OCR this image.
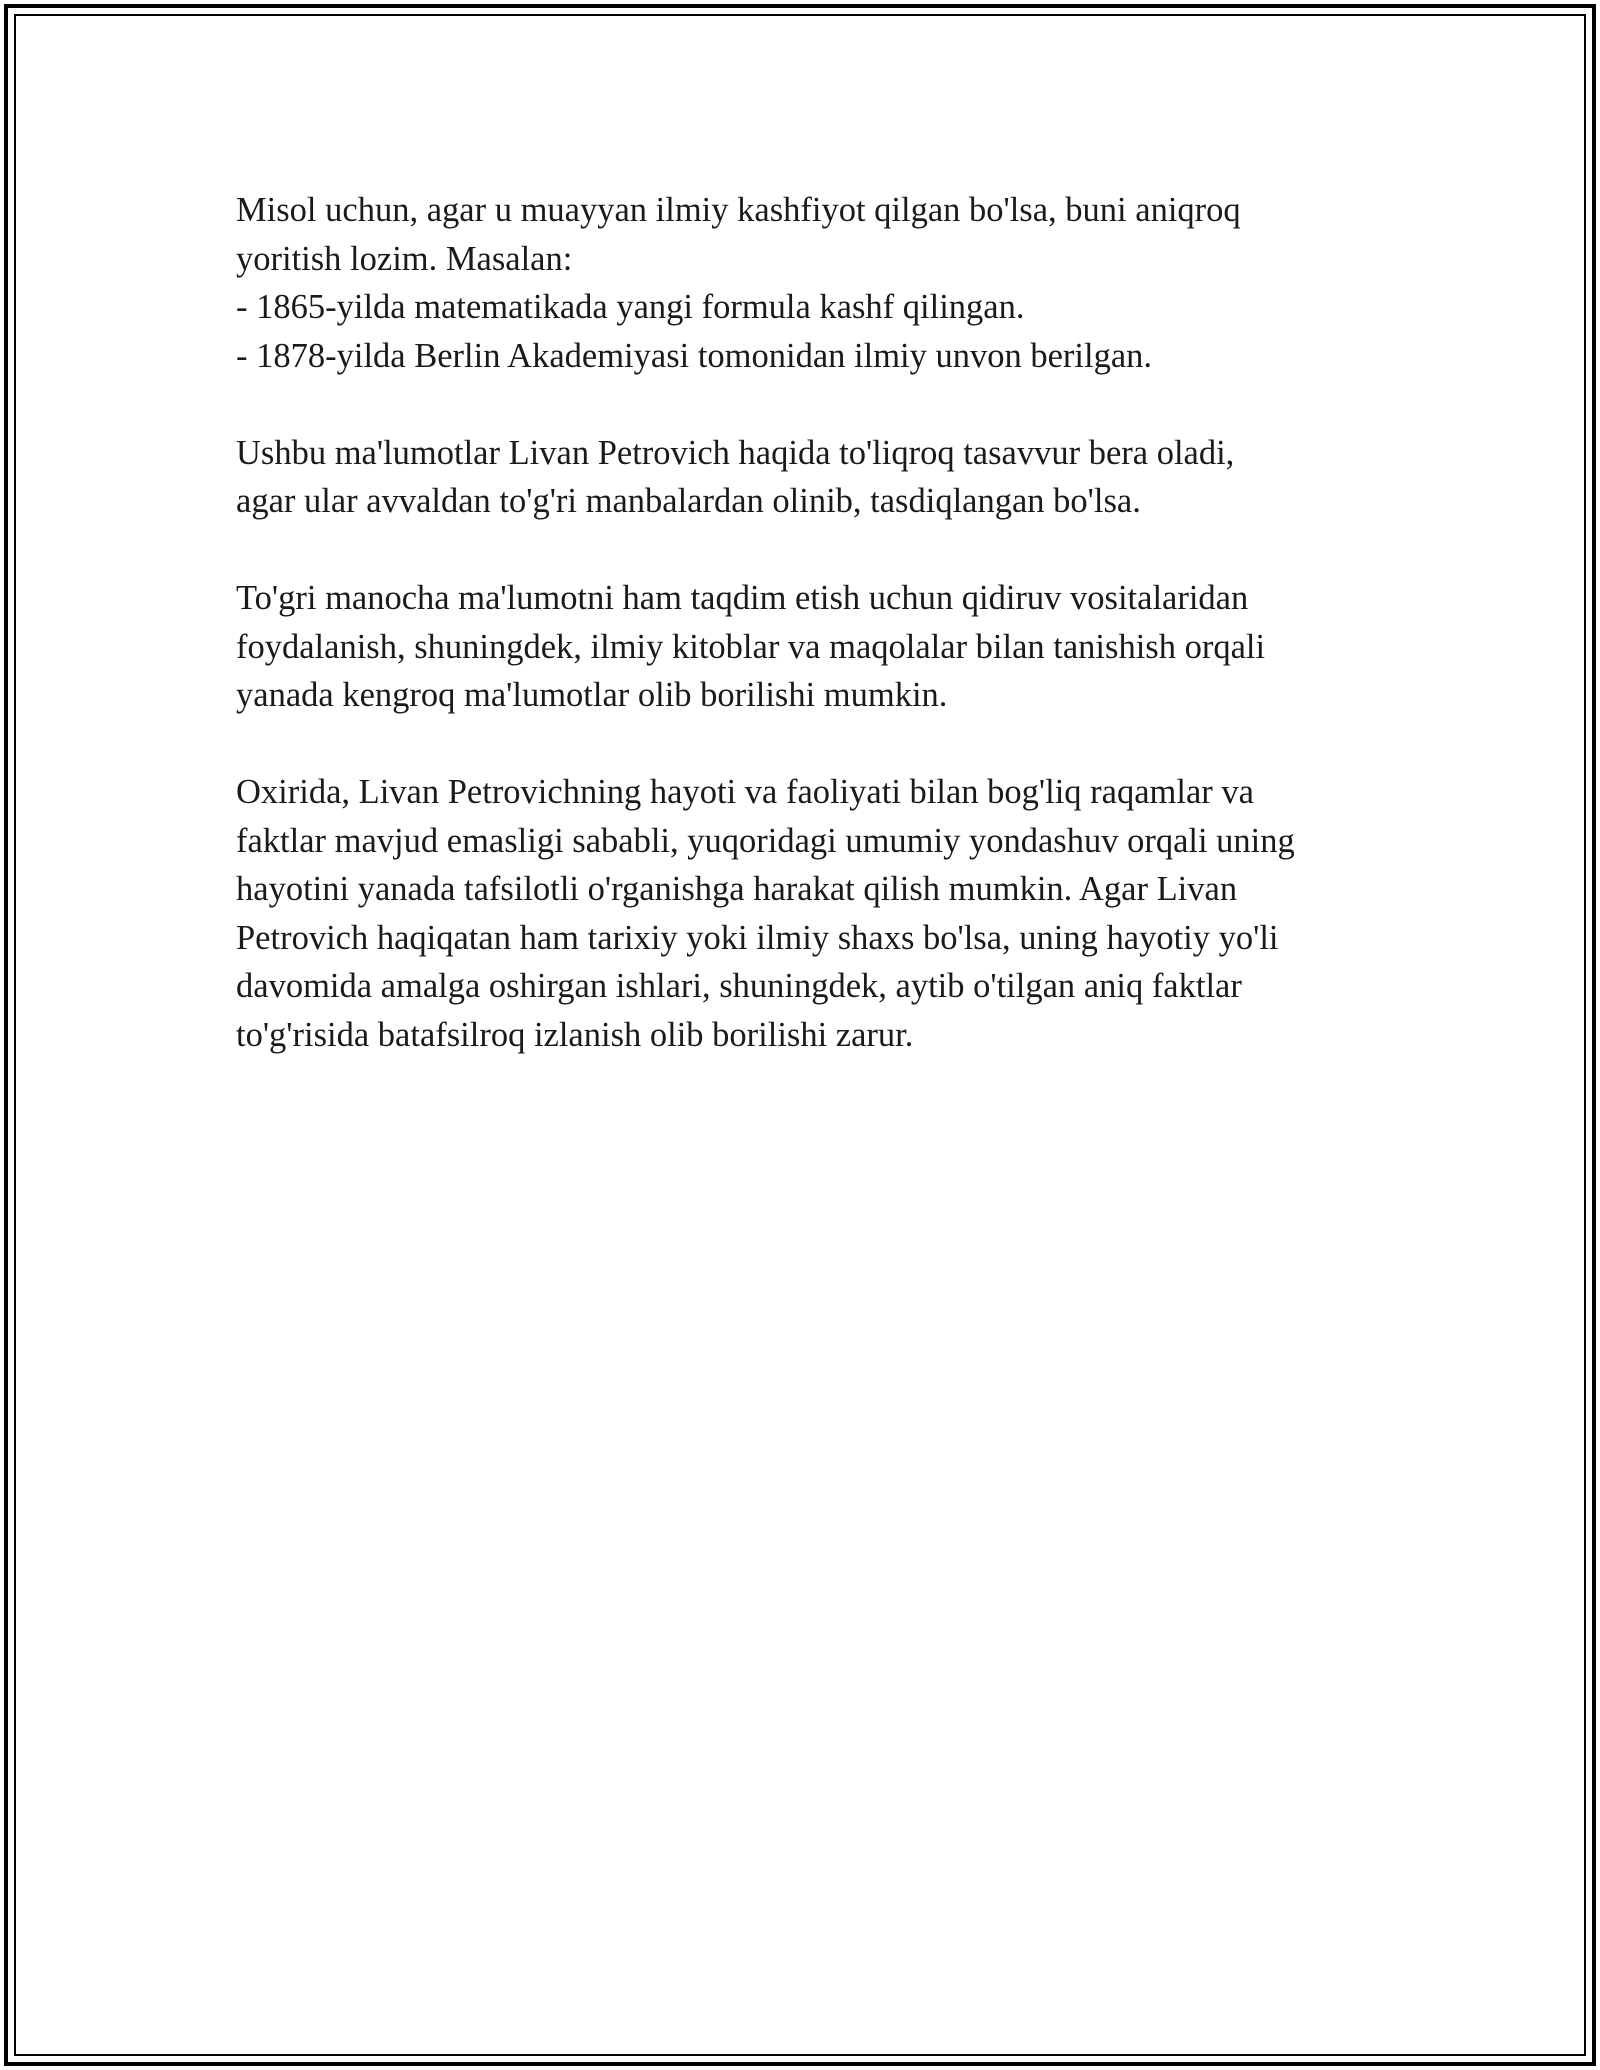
Misol uchun, agar u muayyan ilmiy kashfiyot qilgan bo'lsa, buni aniqroq
yoritish lozim. Masalan:
- 1865-yilda matematikada yangi formula kashf qilingan.
- 1878-yilda Berlin Akademiyasi tomonidan ilmiy unvon berilgan.

Ushbu ma'lumotlar Livan Petrovich haqida to'liqroq tasavvur bera oladi,
agar ular avvaldan to'g'ri manbalardan olinib, tasdiqlangan bo'lsa.

To'gri manocha ma'lumotni ham taqdim etish uchun qidiruv vositalaridan
foydalanish, shuningdek, ilmiy kitoblar va maqolalar bilan tanishish orqali
yanada kengroq ma'lumotlar olib borilishi mumkin.

Oxirida, Livan Petrovichning hayoti va faoliyati bilan bog'liq raqamlar va
faktlar mavjud emasligi sababli, yuqoridagi umumiy yondashuv orqali uning
hayotini yanada tafsilotli o'rganishga harakat qilish mumkin. Agar Livan
Petrovich haqiqatan ham tarixiy yoki ilmiy shaxs bo'lsa, uning hayotiy yo'li
davomida amalga oshirgan ishlari, shuningdek, aytib o'tilgan aniq faktlar
to'g'risida batafsilroq izlanish olib borilishi zarur.
